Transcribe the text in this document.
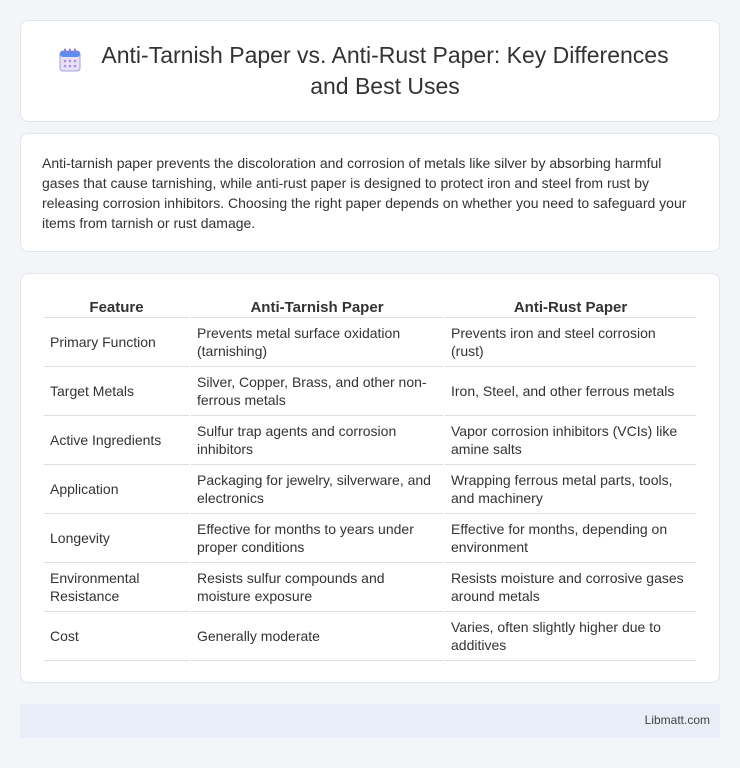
Anti-Tarnish Paper vs. Anti-Rust Paper: Key Differences and Best Uses

Anti-tarnish paper prevents the discoloration and corrosion of metals like silver by absorbing harmful gases that cause tarnishing, while anti-rust paper is designed to protect iron and steel from rust by releasing corrosion inhibitors. Choosing the right paper depends on whether you need to safeguard your items from tarnish or rust damage.

Feature	Anti-Tarnish Paper	Anti-Rust Paper
Primary Function	Prevents metal surface oxidation (tarnishing)	Prevents iron and steel corrosion (rust)
Target Metals	Silver, Copper, Brass, and other non-ferrous metals	Iron, Steel, and other ferrous metals
Active Ingredients	Sulfur trap agents and corrosion inhibitors	Vapor corrosion inhibitors (VCIs) like amine salts
Application	Packaging for jewelry, silverware, and electronics	Wrapping ferrous metal parts, tools, and machinery
Longevity	Effective for months to years under proper conditions	Effective for months, depending on environment
Environmental Resistance	Resists sulfur compounds and moisture exposure	Resists moisture and corrosive gases around metals
Cost	Generally moderate	Varies, often slightly higher due to additives
Libmatt.com
